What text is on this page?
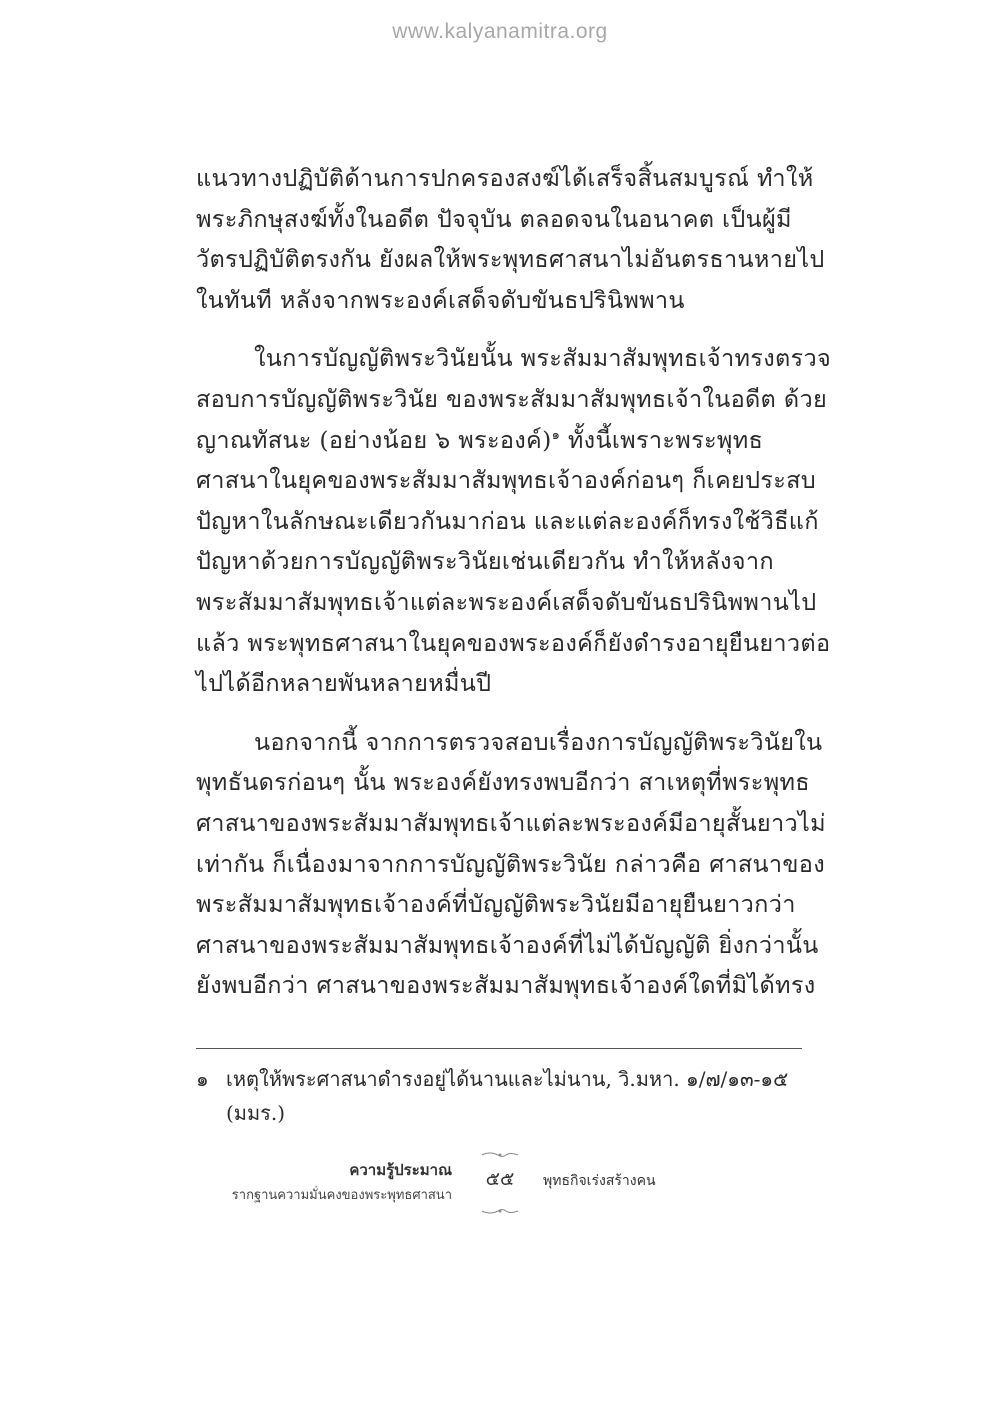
www.kalyanamitra.org

แนวทางปฏิบัติด้านการปกครองสงฆ์ได้เสร็จสิ้นสมบูรณ์ ทำให้
พระภิกษุสงฆ์ทั้งในอดีต ปัจจุบัน ตลอดจนในอนาคต เป็นผู้มี
วัตรปฏิบัติตรงกัน ยังผลให้พระพุทธศาสนาไม่อันตรธานหายไป
ในทันที หลังจากพระองค์เสด็จดับขันธปรินิพพาน

ในการบัญญัติพระวินัยนั้น พระสัมมาสัมพุทธเจ้าทรงตรวจ
สอบการบัญญัติพระวินัย ของพระสัมมาสัมพุทธเจ้าในอดีต ด้วย
ญาณทัสนะ (อย่างน้อย ๖ พระองค์)$^๑$ ทั้งนี้เพราะพระพุทธ
ศาสนาในยุคของพระสัมมาสัมพุทธเจ้าองค์ก่อนๆ ก็เคยประสบ
ปัญหาในลักษณะเดียวกันมาก่อน และแต่ละองค์ก็ทรงใช้วิธีแก้
ปัญหาด้วยการบัญญัติพระวินัยเช่นเดียวกัน ทำให้หลังจาก
พระสัมมาสัมพุทธเจ้าแต่ละพระองค์เสด็จดับขันธปรินิพพานไป
แล้ว พระพุทธศาสนาในยุคของพระองค์ก็ยังดำรงอายุยืนยาวต่อ
ไปได้อีกหลายพันหลายหมื่นปี

นอกจากนี้ จากการตรวจสอบเรื่องการบัญญัติพระวินัยใน
พุทธันดรก่อนๆ นั้น พระองค์ยังทรงพบอีกว่า สาเหตุที่พระพุทธ
ศาสนาของพระสัมมาสัมพุทธเจ้าแต่ละพระองค์มีอายุสั้นยาวไม่
เท่ากัน ก็เนื่องมาจากการบัญญัติพระวินัย กล่าวคือ ศาสนาของ
พระสัมมาสัมพุทธเจ้าองค์ที่บัญญัติพระวินัยมีอายุยืนยาวกว่า
ศาสนาของพระสัมมาสัมพุทธเจ้าองค์ที่ไม่ได้บัญญัติ ยิ่งกว่านั้น
ยังพบอีกว่า ศาสนาของพระสัมมาสัมพุทธเจ้าองค์ใดที่มิได้ทรง

๑ เหตุให้พระศาสนาดำรงอยู่ได้นานและไม่นาน, วิ.มหา. ๑/๗/๑๓-๑๕
(มมร.)
ความรู้ประมาณ
รากฐานความมั่นคงของพระพุทธศาสนา
๕๕	พุทธกิจเร่งสร้างคน
